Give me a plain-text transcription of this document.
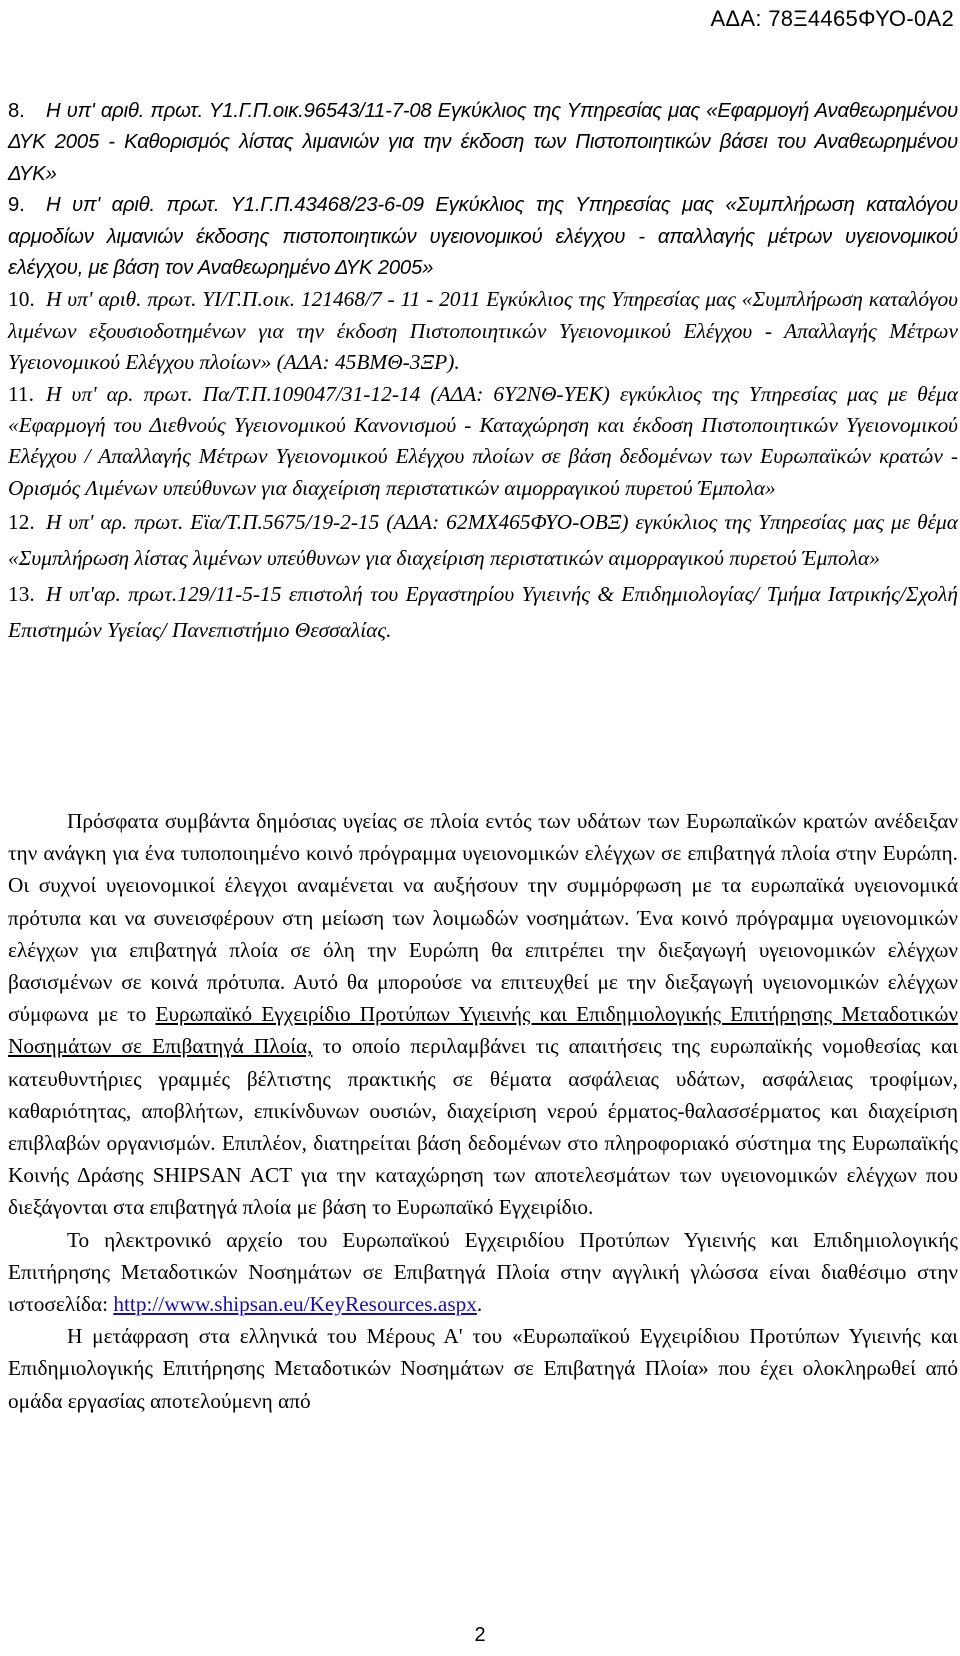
ΑΔΑ: 78Ξ4465ΦΥΟ-0Α2

8. Η υπ' αριθ. πρωτ. Υ1.Γ.Π.οικ.96543/11-7-08 Εγκύκλιος της Υπηρεσίας μας «Εφαρμογή Αναθεωρημένου ΔΥΚ 2005 - Καθορισμός λίστας λιμανιών για την έκδοση των Πιστοποιητικών βάσει του Αναθεωρημένου ΔΥΚ»

9. Η υπ' αριθ. πρωτ. Υ1.Γ.Π.43468/23-6-09 Εγκύκλιος της Υπηρεσίας μας «Συμπλήρωση καταλόγου αρμοδίων λιμανιών έκδοσης πιστοποιητικών υγειονομικού ελέγχου - απαλλαγής μέτρων υγειονομικού ελέγχου, με βάση τον Αναθεωρημένο ΔΥΚ 2005»

10. Η υπ' αριθ. πρωτ. ΥΙ/Γ.Π.οικ. 121468/7 - 11 - 2011 Εγκύκλιος της Υπηρεσίας μας «Συμπλήρωση καταλόγου λιμένων εξουσιοδοτημένων για την έκδοση Πιστοποιητικών Υγειονομικού Ελέγχου - Απαλλαγής Μέτρων Υγειονομικού Ελέγχου πλοίων» (ΑΔΑ: 45ΒΜΘ-3ΞΡ).

11. Η υπ' αρ. πρωτ. Πα/Τ.Π.109047/31-12-14 (ΑΔΑ: 6Υ2ΝΘ-ΥΕΚ) εγκύκλιος της Υπηρεσίας μας με θέμα «Εφαρμογή του Διεθνούς Υγειονομικού Κανονισμού - Καταχώρηση και έκδοση Πιστοποιητικών Υγειονομικού Ελέγχου / Απαλλαγής Μέτρων Υγειονομικού Ελέγχου πλοίων σε βάση δεδομένων των Ευρωπαϊκών κρατών - Ορισμός Λιμένων υπεύθυνων για διαχείριση περιστατικών αιμορραγικού πυρετού Έμπολα»

12. Η υπ' αρ. πρωτ. Εϊα/Τ.Π.5675/19-2-15 (ΑΔΑ: 62ΜΧ465ΦΥΟ-ΟΒΞ) εγκύκλιος της Υπηρεσίας μας με θέμα «Συμπλήρωση λίστας λιμένων υπεύθυνων για διαχείριση περιστατικών αιμορραγικού πυρετού Έμπολα»

13. Η υπ'αρ. πρωτ.129/11-5-15 επιστολή του Εργαστηρίου Υγιεινής & Επιδημιολογίας/ Τμήμα Ιατρικής/Σχολή Επιστημών Υγείας/ Πανεπιστήμιο Θεσσαλίας.

Πρόσφατα συμβάντα δημόσιας υγείας σε πλοία εντός των υδάτων των Ευρωπαϊκών κρατών ανέδειξαν την ανάγκη για ένα τυποποιημένο κοινό πρόγραμμα υγειονομικών ελέγχων σε επιβατηγά πλοία στην Ευρώπη. Οι συχνοί υγειονομικοί έλεγχοι αναμένεται να αυξήσουν την συμμόρφωση με τα ευρωπαϊκά υγειονομικά πρότυπα και να συνεισφέρουν στη μείωση των λοιμωδών νοσημάτων. Ένα κοινό πρόγραμμα υγειονομικών ελέγχων για επιβατηγά πλοία σε όλη την Ευρώπη θα επιτρέπει την διεξαγωγή υγειονομικών ελέγχων βασισμένων σε κοινά πρότυπα. Αυτό θα μπορούσε να επιτευχθεί με την διεξαγωγή υγειονομικών ελέγχων σύμφωνα με το Ευρωπαϊκό Εγχειρίδιο Προτύπων Υγιεινής και Επιδημιολογικής Επιτήρησης Μεταδοτικών Νοσημάτων σε Επιβατηγά Πλοία, το οποίο περιλαμβάνει τις απαιτήσεις της ευρωπαϊκής νομοθεσίας και κατευθυντήριες γραμμές βέλτιστης πρακτικής σε θέματα ασφάλειας υδάτων, ασφάλειας τροφίμων, καθαριότητας, αποβλήτων, επικίνδυνων ουσιών, διαχείριση νερού έρματος-θαλασσέρματος και διαχείριση επιβλαβών οργανισμών. Επιπλέον, διατηρείται βάση δεδομένων στο πληροφοριακό σύστημα της Ευρωπαϊκής Κοινής Δράσης SHIPSAN ACT για την καταχώρηση των αποτελεσμάτων των υγειονομικών ελέγχων που διεξάγονται στα επιβατηγά πλοία με βάση το Ευρωπαϊκό Εγχειρίδιο.

Το ηλεκτρονικό αρχείο του Ευρωπαϊκού Εγχειριδίου Προτύπων Υγιεινής και Επιδημιολογικής Επιτήρησης Μεταδοτικών Νοσημάτων σε Επιβατηγά Πλοία στην αγγλική γλώσσα είναι διαθέσιμο στην ιστοσελίδα: http://www.shipsan.eu/KeyResources.aspx.

Η μετάφραση στα ελληνικά του Μέρους Α' του «Ευρωπαϊκού Εγχειρίδιου Προτύπων Υγιεινής και Επιδημιολογικής Επιτήρησης Μεταδοτικών Νοσημάτων σε Επιβατηγά Πλοία» που έχει ολοκληρωθεί από ομάδα εργασίας αποτελούμενη από

2
